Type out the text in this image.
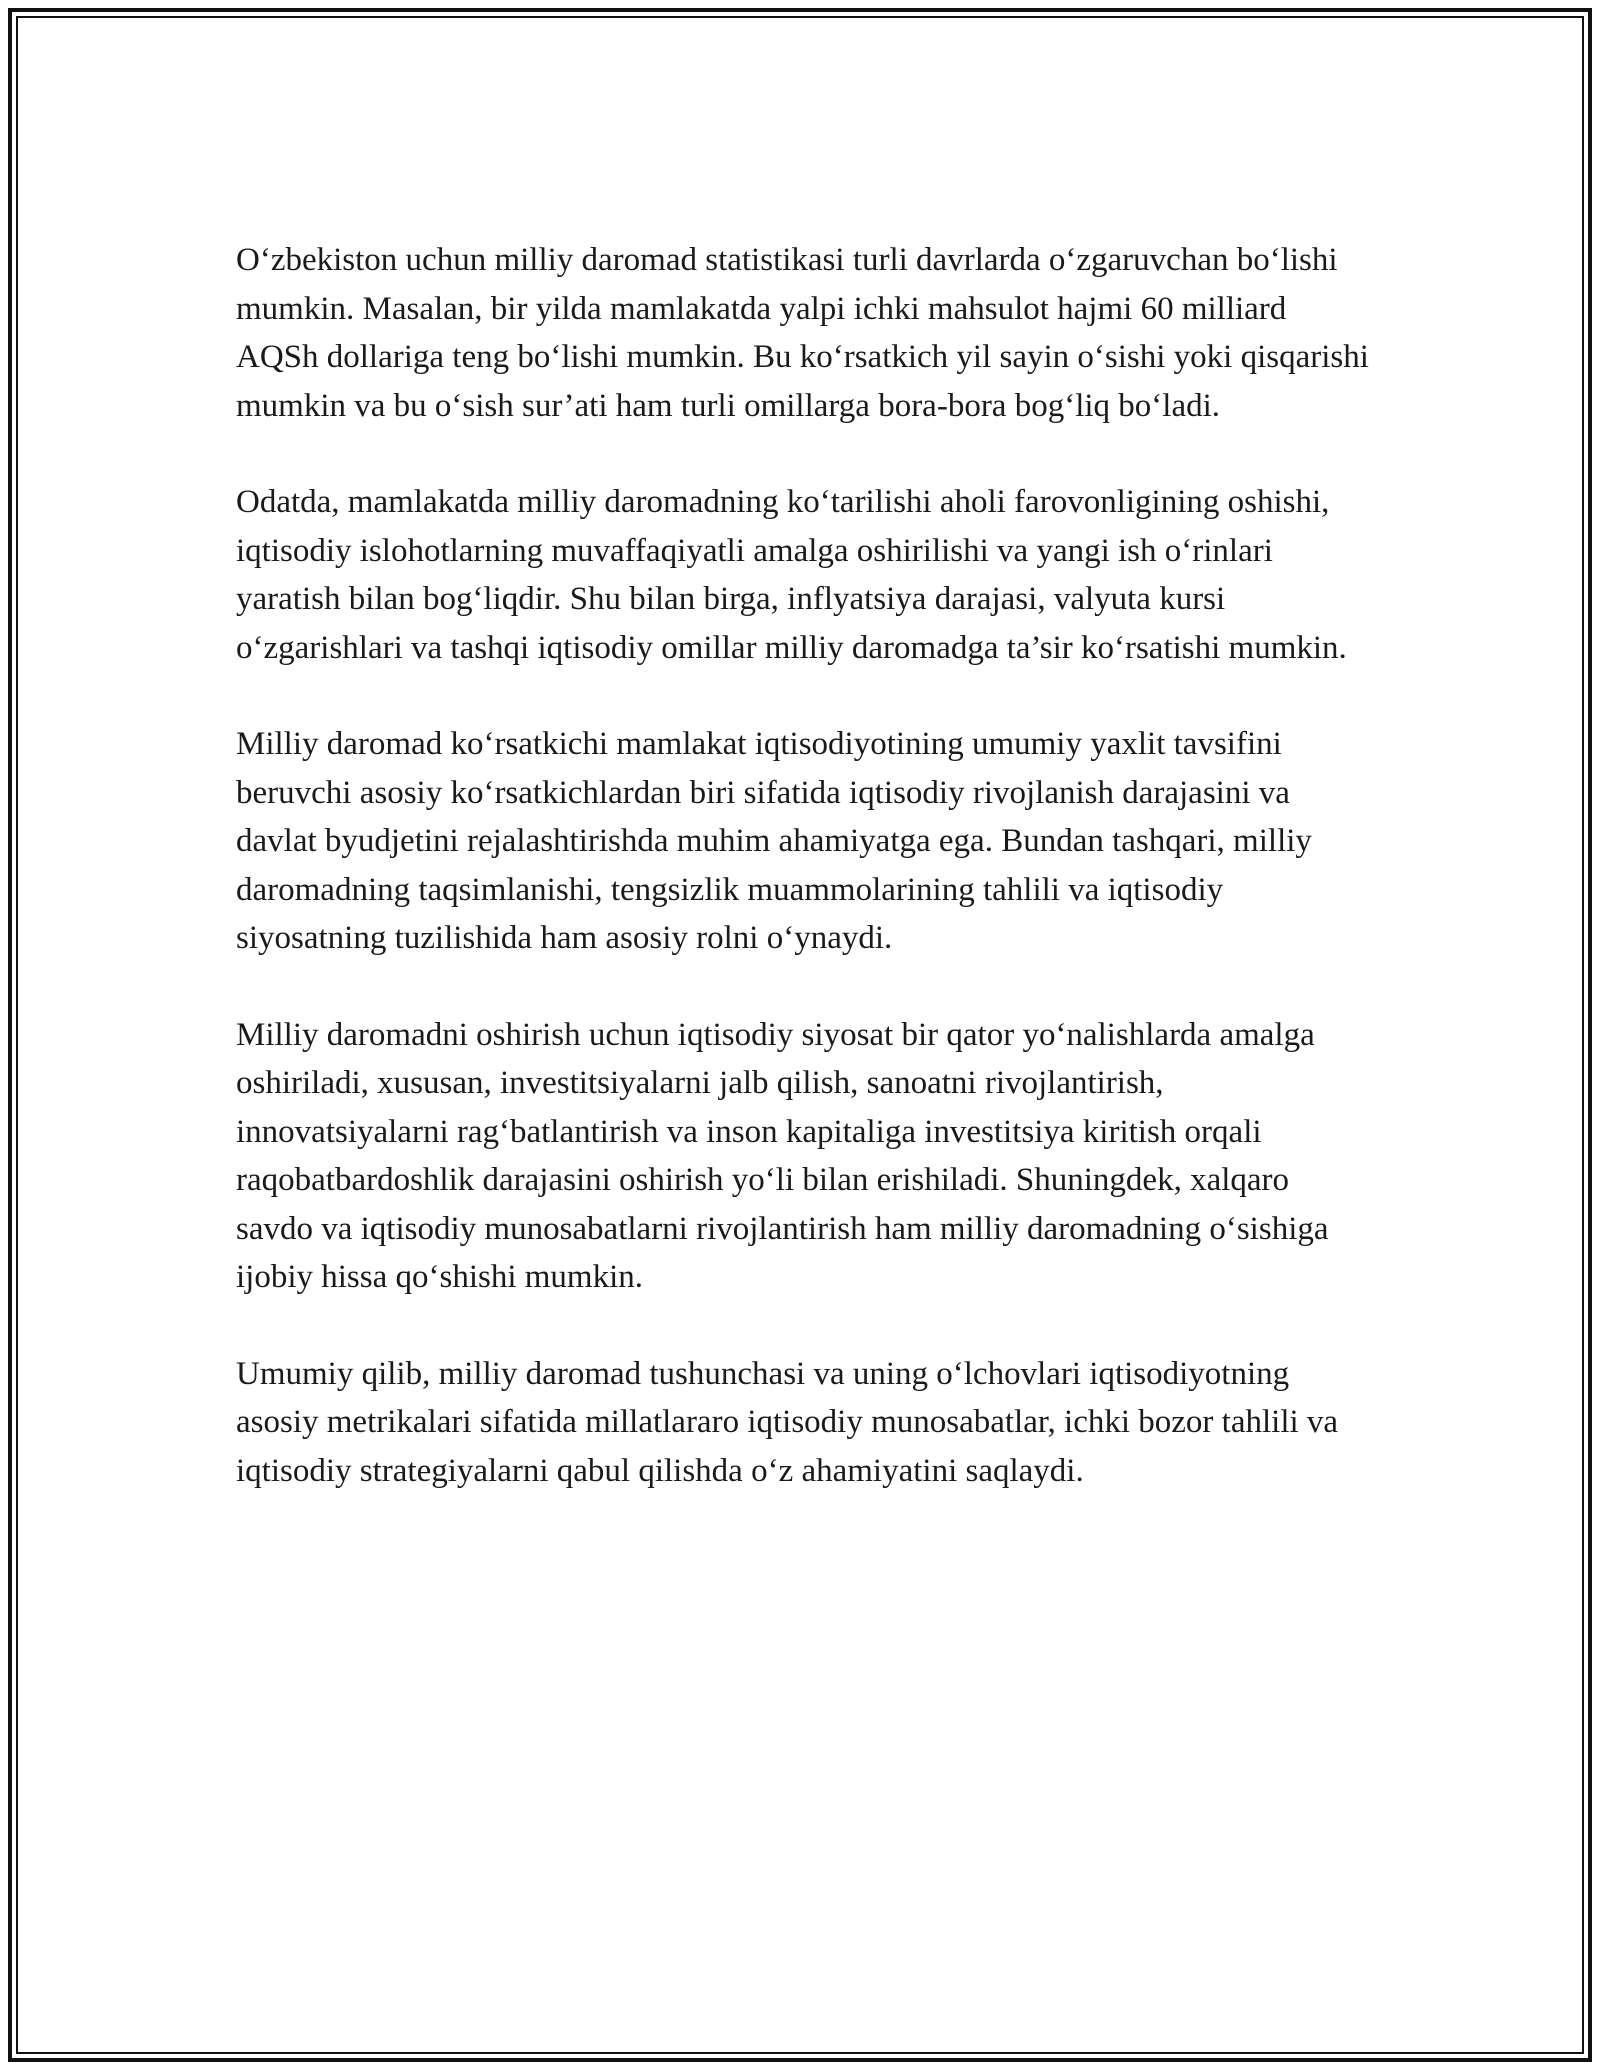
O‘zbekiston uchun milliy daromad statistikasi turli davrlarda o‘zgaruvchan bo‘lishi mumkin. Masalan, bir yilda mamlakatda yalpi ichki mahsulot hajmi 60 milliard AQSh dollariga teng bo‘lishi mumkin. Bu ko‘rsatkich yil sayin o‘sishi yoki qisqarishi mumkin va bu o‘sish sur’ati ham turli omillarga bora-bora bog‘liq bo‘ladi.

Odatda, mamlakatda milliy daromadning ko‘tarilishi aholi farovonligining oshishi, iqtisodiy islohotlarning muvaffaqiyatli amalga oshirilishi va yangi ish o‘rinlari yaratish bilan bog‘liqdir. Shu bilan birga, inflyatsiya darajasi, valyuta kursi o‘zgarishlari va tashqi iqtisodiy omillar milliy daromadga ta’sir ko‘rsatishi mumkin.

Milliy daromad ko‘rsatkichi mamlakat iqtisodiyotining umumiy yaxlit tavsifini beruvchi asosiy ko‘rsatkichlardan biri sifatida iqtisodiy rivojlanish darajasini va davlat byudjetini rejalashtirishda muhim ahamiyatga ega. Bundan tashqari, milliy daromadning taqsimlanishi, tengsizlik muammolarining tahlili va iqtisodiy siyosatning tuzilishida ham asosiy rolni o‘ynaydi.

Milliy daromadni oshirish uchun iqtisodiy siyosat bir qator yo‘nalishlarda amalga oshiriladi, xususan, investitsiyalarni jalb qilish, sanoatni rivojlantirish, innovatsiyalarni rag‘batlantirish va inson kapitaliga investitsiya kiritish orqali raqobatbardoshlik darajasini oshirish yo‘li bilan erishiladi. Shuningdek, xalqaro savdo va iqtisodiy munosabatlarni rivojlantirish ham milliy daromadning o‘sishiga ijobiy hissa qo‘shishi mumkin.

Umumiy qilib, milliy daromad tushunchasi va uning o‘lchovlari iqtisodiyotning asosiy metrikalari sifatida millatlararo iqtisodiy munosabatlar, ichki bozor tahlili va iqtisodiy strategiyalarni qabul qilishda o‘z ahamiyatini saqlaydi.
